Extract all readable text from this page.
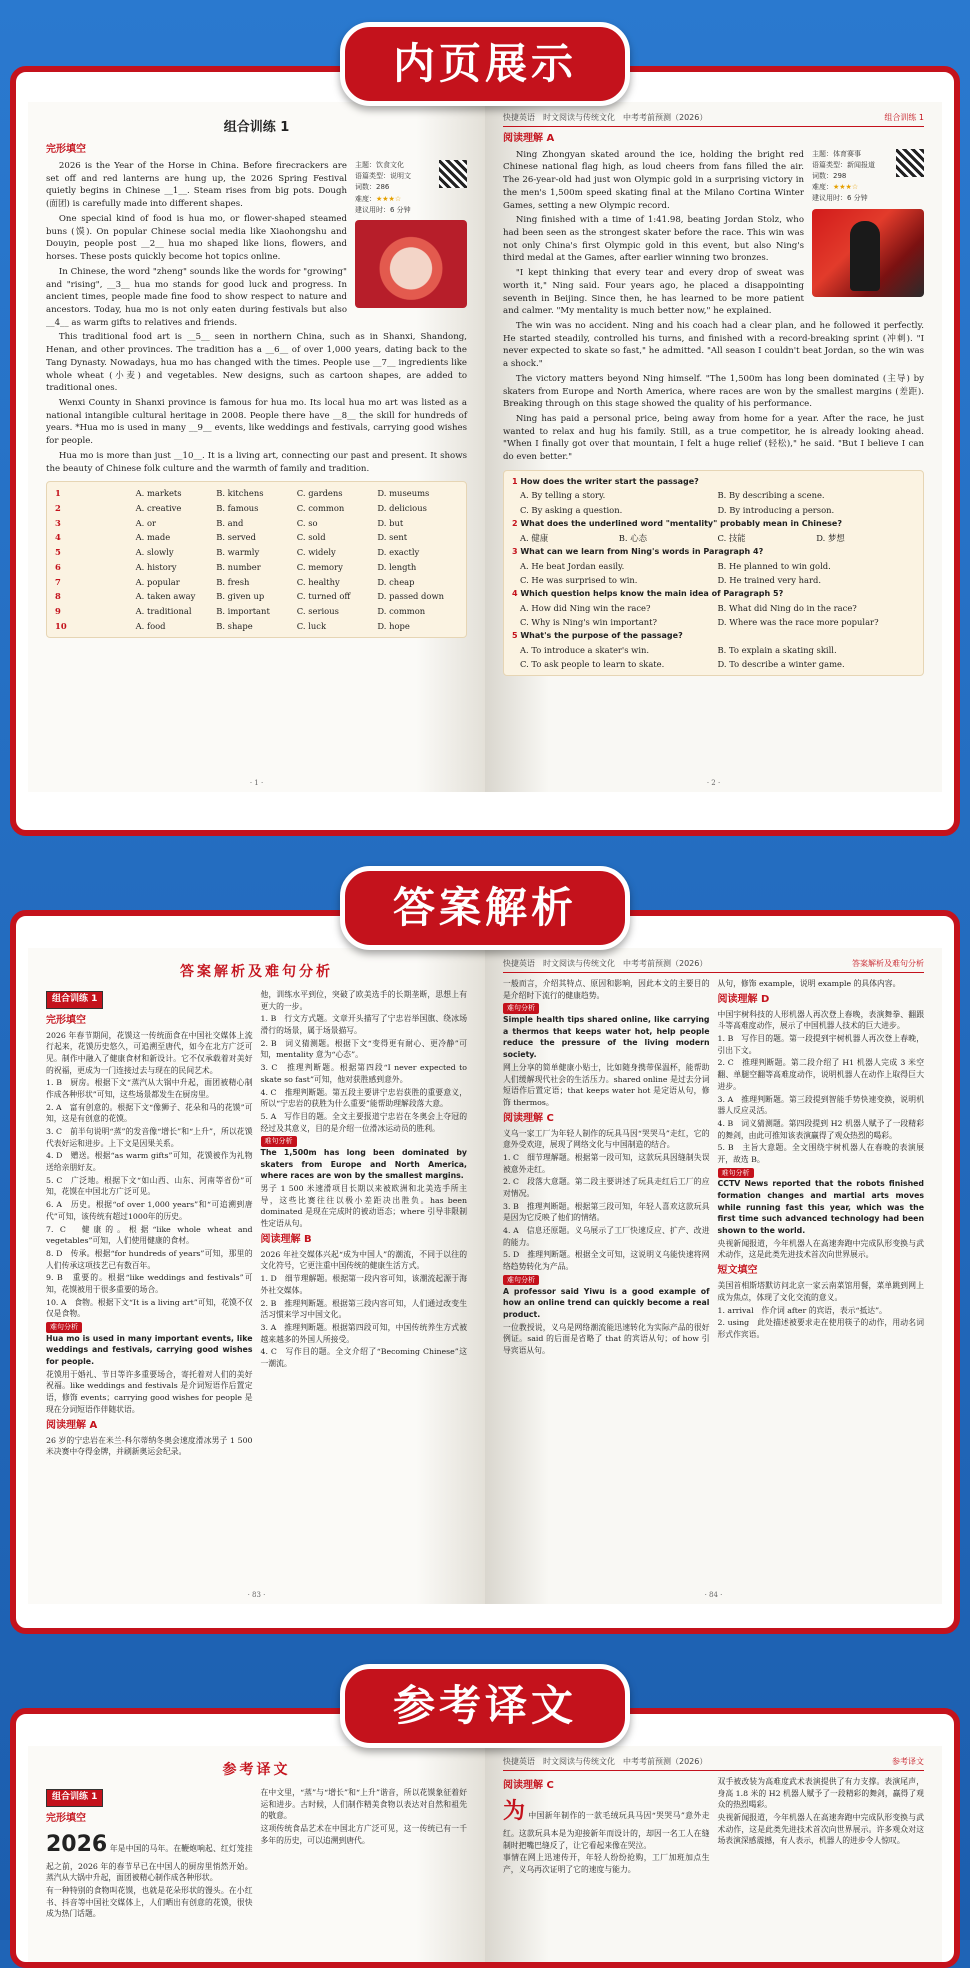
内页展示
组合训练 1
完形填空
主题：饮食文化
语篇类型：说明文
词数：286
难度：★★★☆
建议用时：6 分钟

2026 is the Year of the Horse in China. Before firecrackers are set off and red lanterns are hung up, the 2026 Spring Festival quietly begins in Chinese __1__. Steam rises from big pots. Dough (面团) is carefully made into different shapes.

One special kind of food is hua mo, or flower-shaped steamed buns (馍). On popular Chinese social media like Xiaohongshu and Douyin, people post __2__ hua mo shaped like lions, flowers, and horses. These posts quickly become hot topics online.

In Chinese, the word "zheng" sounds like the words for "growing" and "rising", __3__ hua mo stands for good luck and progress. In ancient times, people made fine food to show respect to nature and ancestors. Today, hua mo is not only eaten during festivals but also __4__ as warm gifts to relatives and friends.

This traditional food art is __5__ seen in northern China, such as in Shanxi, Shandong, Henan, and other provinces. The tradition has a __6__ of over 1,000 years, dating back to the Tang Dynasty. Nowadays, hua mo has changed with the times. People use __7__ ingredients like whole wheat (小麦) and vegetables. New designs, such as cartoon shapes, are added to traditional ones.

Wenxi County in Shanxi province is famous for hua mo. Its local hua mo art was listed as a national intangible cultural heritage in 2008. People there have __8__ the skill for hundreds of years. *Hua mo is used in many __9__ events, like weddings and festivals, carrying good wishes for people.

Hua mo is more than just __10__. It is a living art, connecting our past and present. It shows the beauty of Chinese folk culture and the warmth of family and tradition.

1	A. markets	B. kitchens	C. gardens	D. museums
2	A. creative	B. famous	C. common	D. delicious
3	A. or	B. and	C. so	D. but
4	A. made	B. served	C. sold	D. sent
5	A. slowly	B. warmly	C. widely	D. exactly
6	A. history	B. number	C. memory	D. length
7	A. popular	B. fresh	C. healthy	D. cheap
8	A. taken away	B. given up	C. turned off	D. passed down
9	A. traditional	B. important	C. serious	D. common
10	A. food	B. shape	C. luck	D. hope
· 1 ·
快捷英语　时文阅读与传统文化　中考考前预测（2026）	组合训练 1
阅读理解 A
主题：体育赛事
语篇类型：新闻报道
词数：298
难度：★★★☆
建议用时：6 分钟

Ning Zhongyan skated around the ice, holding the bright red Chinese national flag high, as loud cheers from fans filled the air. The 26-year-old had just won Olympic gold in a surprising victory in the men's 1,500m speed skating final at the Milano Cortina Winter Games, setting a new Olympic record.

Ning finished with a time of 1:41.98, beating Jordan Stolz, who had been seen as the strongest skater before the race. This win was not only China's first Olympic gold in this event, but also Ning's third medal at the Games, after earlier winning two bronzes.

"I kept thinking that every tear and every drop of sweat was worth it," Ning said. Four years ago, he placed a disappointing seventh in Beijing. Since then, he has learned to be more patient and calmer. "My mentality is much better now," he explained.

The win was no accident. Ning and his coach had a clear plan, and he followed it perfectly. He started steadily, controlled his turns, and finished with a record-breaking sprint (冲刺). "I never expected to skate so fast," he admitted. "All season I couldn't beat Jordan, so the win was a shock."

The victory matters beyond Ning himself. "The 1,500m has long been dominated (主导) by skaters from Europe and North America, where races are won by the smallest margins (差距). Breaking through on this stage showed the quality of his performance.

Ning has paid a personal price, being away from home for a year. After the race, he just wanted to relax and hug his family. Still, as a true competitor, he is already looking ahead. "When I finally got over that mountain, I felt a huge relief (轻松)," he said. "But I believe I can do even better."

1 How does the writer start the passage?
A. By telling a story.	B. By describing a scene.
C. By asking a question.	D. By introducing a person.
2 What does the underlined word "mentality" probably mean in Chinese?
A. 健康	B. 心态	C. 技能	D. 梦想
3 What can we learn from Ning's words in Paragraph 4?
A. He beat Jordan easily.	B. He planned to win gold.
C. He was surprised to win.	D. He trained very hard.
4 Which question helps know the main idea of Paragraph 5?
A. How did Ning win the race?	B. What did Ning do in the race?
C. Why is Ning's win important?	D. Where was the race more popular?
5 What's the purpose of the passage?
A. To introduce a skater's win.	B. To explain a skating skill.
C. To ask people to learn to skate.	D. To describe a winter game.
· 2 ·
答案解析
答案解析及难句分析
组合训练 1
完形填空

2026 年春节期间，花馍这一传统面食在中国社交媒体上流行起来，花馍历史悠久，可追溯至唐代，如今在北方广泛可见。制作中融入了健康食材和新设计。它不仅承载着对美好的祝福，更成为一门连接过去与现在的民间艺术。

1. B　厨房。根据下文“蒸汽从大锅中升起，面团被精心制作成各种形状”可知，这些场景都发生在厨房里。

2. A　富有创意的。根据下文“像狮子、花朵和马的花馍”可知，这是有创意的花馍。

3. C　前半句说明“蒸”的发音像“增长”和“上升”，所以花馍代表好运和进步。上下文是因果关系。

4. D　赠送。根据“as warm gifts”可知，花馍被作为礼物送给亲朋好友。

5. C　广泛地。根据下文“如山西、山东、河南等省份”可知，花馍在中国北方广泛可见。

6. A　历史。根据“of over 1,000 years”和“可追溯到唐代”可知，该传统有超过1000年的历史。

7. C　健康的。根据“like whole wheat and vegetables”可知，人们使用健康的食材。

8. D　传承。根据“for hundreds of years”可知，那里的人们传承这项技艺已有数百年。

9. B　重要的。根据“like weddings and festivals”可知，花馍被用于很多重要的场合。

10. A　食物。根据下文“It is a living art”可知，花馍不仅仅是食物。

难句分析

Hua mo is used in many important events, like weddings and festivals, carrying good wishes for people.

花馍用于婚礼、节日等许多重要场合，寄托着对人们的美好祝福。like weddings and festivals 是介词短语作后置定语，修饰 events；carrying good wishes for people 是现在分词短语作伴随状语。

阅读理解 A

26 岁的宁忠岩在米兰-科尔蒂纳冬奥会速度滑冰男子 1 500 米决赛中夺得金牌，并刷新奥运会纪录。

他，训练水平到位，突破了欧美选手的长期垄断，思想上有更大的一步。

1. B　行文方式题。文章开头描写了宁忠岩举国旗、绕冰场滑行的场景，属于场景描写。

2. B　词义猜测题。根据下文“变得更有耐心、更冷静”可知，mentality 意为“心态”。

3. C　推理判断题。根据第四段“I never expected to skate so fast”可知，他对获胜感到意外。

4. C　推理判断题。第五段主要讲宁忠岩获胜的重要意义，所以“宁忠岩的获胜为什么重要”能帮助理解段落大意。

5. A　写作目的题。全文主要报道宁忠岩在冬奥会上夺冠的经过及其意义，目的是介绍一位滑冰运动员的胜利。

难句分析

The 1,500m has long been dominated by skaters from Europe and North America, where races are won by the smallest margins.

男子 1 500 米速滑项目长期以来被欧洲和北美选手所主导，这些比赛往往以极小差距决出胜负。has been dominated 是现在完成时的被动语态；where 引导非限制性定语从句。

阅读理解 B

2026 年社交媒体兴起“成为中国人”的潮流，不同于以往的文化符号，它更注重中国传统的健康生活方式。

1. D　细节理解题。根据第一段内容可知，该潮流起源于海外社交媒体。

2. B　推理判断题。根据第三段内容可知，人们通过改变生活习惯来学习中国文化。

3. A　推理判断题。根据第四段可知，中国传统养生方式被越来越多的外国人所接受。

4. C　写作目的题。全文介绍了“Becoming Chinese”这一潮流。

· 83 ·
快捷英语　时文阅读与传统文化　中考考前预测（2026）	答案解析及难句分析

一般而言，介绍其特点、原因和影响，因此本文的主要目的是介绍时下流行的健康趋势。

难句分析

Simple health tips shared online, like carrying a thermos that keeps water hot, help people reduce the pressure of the living modern society.

网上分享的简单健康小贴士，比如随身携带保温杯，能帮助人们缓解现代社会的生活压力。shared online 是过去分词短语作后置定语；that keeps water hot 是定语从句，修饰 thermos。

阅读理解 C

义乌一家工厂为年轻人制作的玩具马因“哭哭马”走红，它的意外受欢迎，展现了网络文化与中国制造的结合。

1. C　细节理解题。根据第一段可知，这款玩具因缝制失误被意外走红。

2. C　段落大意题。第二段主要讲述了玩具走红后工厂的应对情况。

3. B　推理判断题。根据第三段可知，年轻人喜欢这款玩具是因为它反映了他们的情绪。

4. A　信息还原题。义乌展示了工厂快速反应、扩产、改进的能力。

5. D　推理判断题。根据全文可知，这说明义乌能快速将网络趋势转化为产品。

难句分析

A professor said Yiwu is a good example of how an online trend can quickly become a real product.

一位教授说，义乌是网络潮流能迅速转化为实际产品的很好例证。said 的后面是省略了 that 的宾语从句；of how 引导宾语从句。

从句，修饰 example，说明 example 的具体内容。

阅读理解 D

中国宇树科技的人形机器人再次登上春晚，表演舞拳、翻跟斗等高难度动作，展示了中国机器人技术的巨大进步。

1. B　写作目的题。第一段提到宇树机器人再次登上春晚，引出下文。

2. C　推理判断题。第二段介绍了 H1 机器人完成 3 米空翻、单腿空翻等高难度动作，说明机器人在动作上取得巨大进步。

3. A　推理判断题。第三段提到智能手势快速变换，说明机器人反应灵活。

4. B　词义猜测题。第四段提到 H2 机器人赋予了一段精彩的舞剑，由此可推知该表演赢得了观众热烈的喝彩。

5. B　主旨大意题。全文围绕宇树机器人在春晚的表演展开，故选 B。

难句分析

CCTV News reported that the robots finished formation changes and martial arts moves while running fast this year, which was the first time such advanced technology had been shown to the world.

央视新闻报道，今年机器人在高速奔跑中完成队形变换与武术动作，这是此类先进技术首次向世界展示。

短文填空

美国首相斯塔默访问北京一家云南菜馆用餐，菜单跳到网上成为焦点，体现了文化交流的意义。

1. arrival　作介词 after 的宾语，表示“抵达”。

2. using　此处描述被要求走在使用筷子的动作，用动名词形式作宾语。

· 84 ·
参考译文
参考译文
组合训练 1
完形填空

2026 年是中国的马年。在鞭炮响起、红灯笼挂起之前，2026 年的春节早已在中国人的厨房里悄然开始。蒸汽从大锅中升起，面团被精心制作成各种形状。

有一种特别的食物叫花馍，也就是花朵形状的馒头。在小红书、抖音等中国社交媒体上，人们晒出有创意的花馍，很快成为热门话题。

在中文里，“蒸”与“增长”和“上升”谐音，所以花馍象征着好运和进步。古时候，人们制作精美食物以表达对自然和祖先的敬意。

这项传统食品艺术在中国北方广泛可见，这一传统已有一千多年的历史，可以追溯到唐代。

快捷英语　时文阅读与传统文化　中考考前预测（2026）	参考译文
阅读理解 C

为 中国新年制作的一款毛绒玩具马因“哭哭马”意外走红。这款玩具本是为迎接新年而设计的，却因一名工人在缝制时把嘴巴缝反了，让它看起来像在哭泣。

事情在网上迅速传开，年轻人纷纷抢购，工厂加班加点生产，义乌再次证明了它的速度与能力。

双手被改装为高难度武术表演提供了有力支撑。表演尾声，身高 1.8 米的 H2 机器人赋予了一段精彩的舞剑，赢得了观众的热烈喝彩。

央视新闻报道，今年机器人在高速奔跑中完成队形变换与武术动作，这是此类先进技术首次向世界展示。许多观众对这场表演深感震撼，有人表示，机器人的进步令人惊叹。
